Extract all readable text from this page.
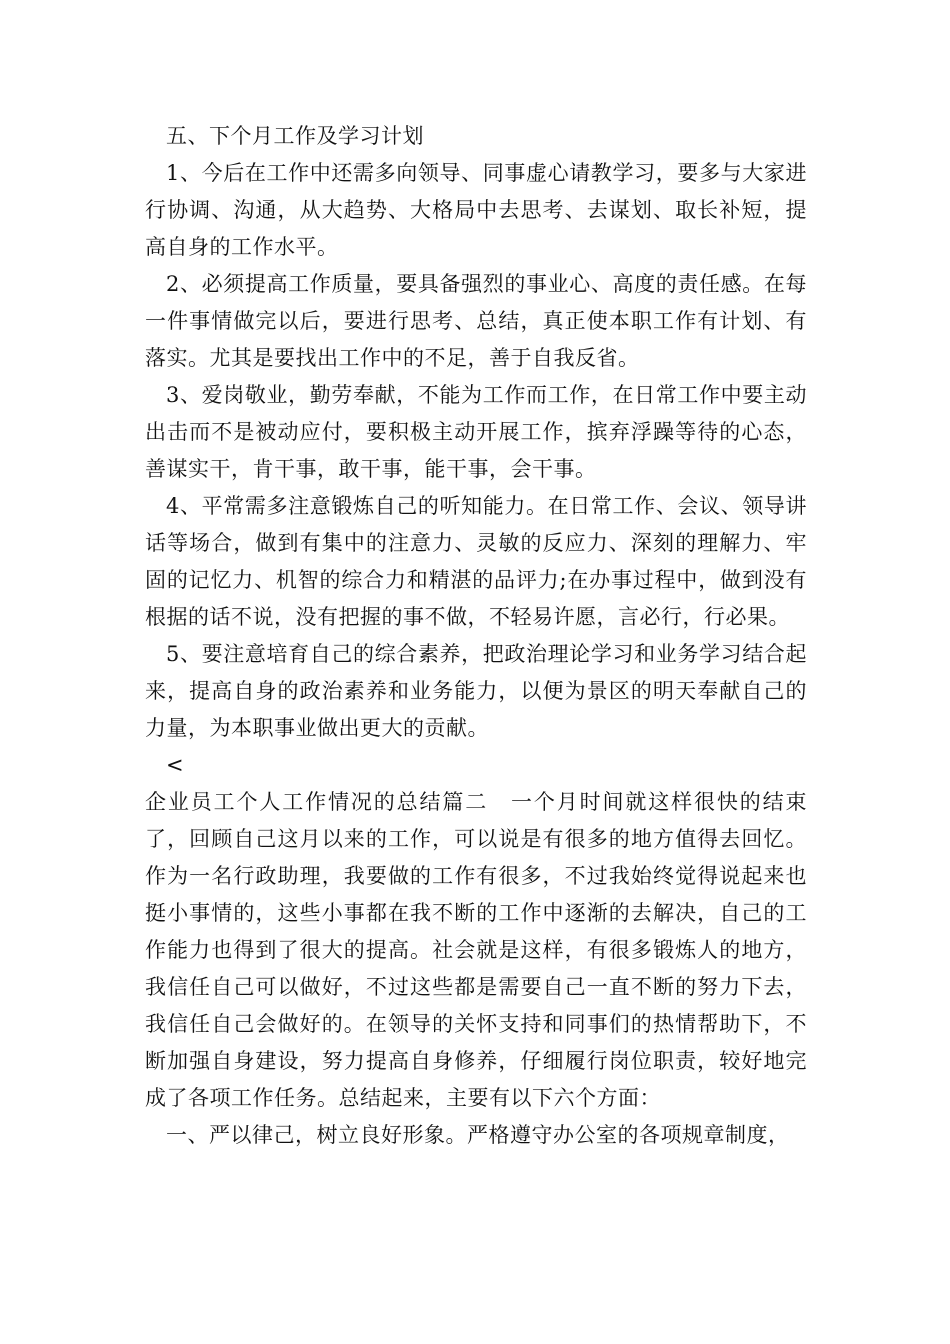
五、下个月工作及学习计划

1、今后在工作中还需多向领导、同事虚心请教学习，要多与大家进行协调、沟通，从大趋势、大格局中去思考、去谋划、取长补短，提高自身的工作水平。

2、必须提高工作质量，要具备强烈的事业心、高度的责任感。在每一件事情做完以后，要进行思考、总结，真正使本职工作有计划、有落实。尤其是要找出工作中的不足，善于自我反省。

3、爱岗敬业，勤劳奉献，不能为工作而工作，在日常工作中要主动出击而不是被动应付，要积极主动开展工作，摈弃浮躁等待的心态，善谋实干，肯干事，敢干事，能干事，会干事。

4、平常需多注意锻炼自己的听知能力。在日常工作、会议、领导讲话等场合，做到有集中的注意力、灵敏的反应力、深刻的理解力、牢固的记忆力、机智的综合力和精湛的品评力;在办事过程中，做到没有根据的话不说，没有把握的事不做，不轻易许愿，言必行，行必果。

5、要注意培育自己的综合素养，把政治理论学习和业务学习结合起来，提高自身的政治素养和业务能力，以便为景区的明天奉献自己的力量，为本职事业做出更大的贡献。

<

企业员工个人工作情况的总结篇二　一个月时间就这样很快的结束了，回顾自己这月以来的工作，可以说是有很多的地方值得去回忆。作为一名行政助理，我要做的工作有很多，不过我始终觉得说起来也挺小事情的，这些小事都在我不断的工作中逐渐的去解决，自己的工作能力也得到了很大的提高。社会就是这样，有很多锻炼人的地方，我信任自己可以做好，不过这些都是需要自己一直不断的努力下去，我信任自己会做好的。在领导的关怀支持和同事们的热情帮助下，不断加强自身建设，努力提高自身修养，仔细履行岗位职责，较好地完成了各项工作任务。总结起来，主要有以下六个方面：

一、严以律己，树立良好形象。严格遵守办公室的各项规章制度，
